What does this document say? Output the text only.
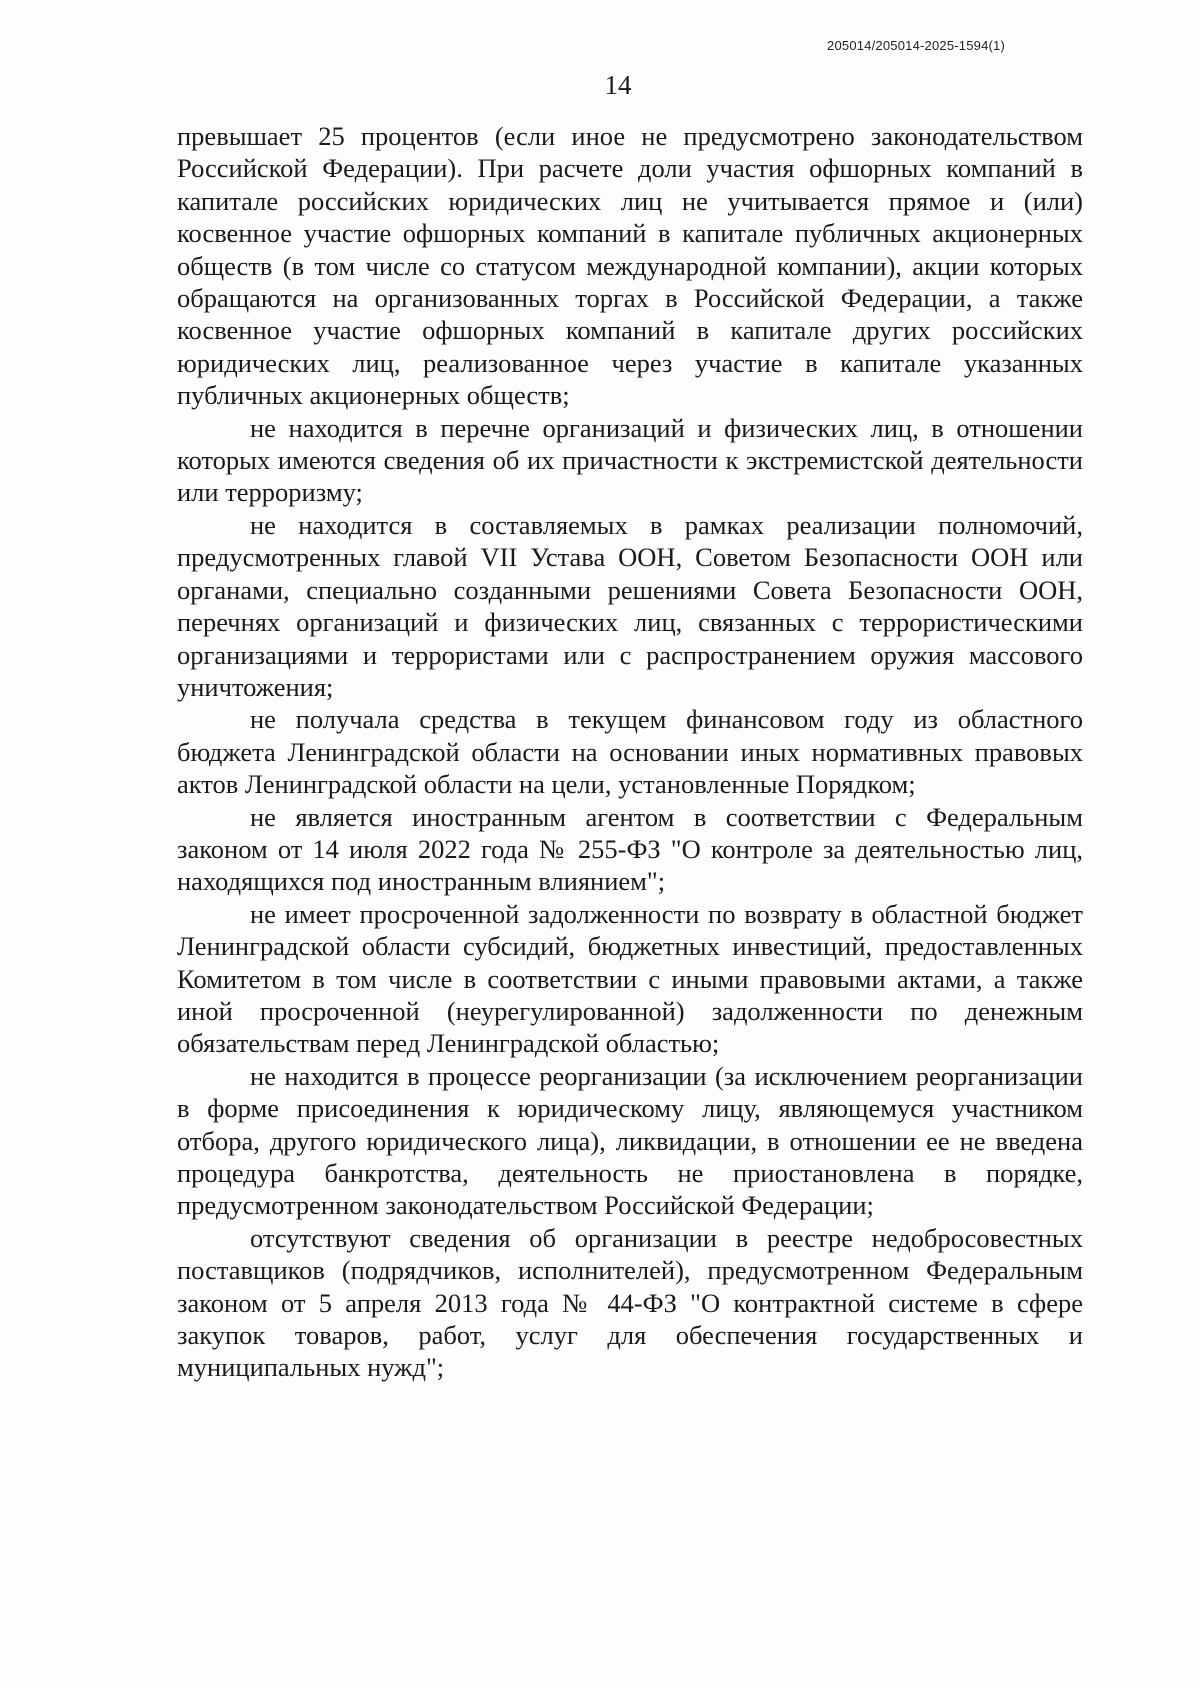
205014/205014-2025-1594(1)
14

превышает 25 процентов (если иное не предусмотрено законодательством Российской Федерации). При расчете доли участия офшорных компаний в капитале российских юридических лиц не учитывается прямое и (или) косвенное участие офшорных компаний в капитале публичных акционерных обществ (в том числе со статусом международной компании), акции которых обращаются на организованных торгах в Российской Федерации, а также косвенное участие офшорных компаний в капитале других российских юридических лиц, реализованное через участие в капитале указанных публичных акционерных обществ;

не находится в перечне организаций и физических лиц, в отношении которых имеются сведения об их причастности к экстремистской деятельности или терроризму;

не находится в составляемых в рамках реализации полномочий, предусмотренных главой VII Устава ООН, Советом Безопасности ООН или органами, специально созданными решениями Совета Безопасности ООН, перечнях организаций и физических лиц, связанных с террористическими организациями и террористами или с распространением оружия массового уничтожения;

не получала средства в текущем финансовом году из областного бюджета Ленинградской области на основании иных нормативных правовых актов Ленинградской области на цели, установленные Порядком;

не является иностранным агентом в соответствии с Федеральным законом от 14 июля 2022 года № 255-ФЗ "О контроле за деятельностью лиц, находящихся под иностранным влиянием";

не имеет просроченной задолженности по возврату в областной бюджет Ленинградской области субсидий, бюджетных инвестиций, предоставленных Комитетом в том числе в соответствии с иными правовыми актами, а также иной просроченной (неурегулированной) задолженности по денежным обязательствам перед Ленинградской областью;

не находится в процессе реорганизации (за исключением реорганизации в форме присоединения к юридическому лицу, являющемуся участником отбора, другого юридического лица), ликвидации, в отношении ее не введена процедура банкротства, деятельность не приостановлена в порядке, предусмотренном законодательством Российской Федерации;

отсутствуют сведения об организации в реестре недобросовестных поставщиков (подрядчиков, исполнителей), предусмотренном Федеральным законом от 5 апреля 2013 года № 44-ФЗ "О контрактной системе в сфере закупок товаров, работ, услуг для обеспечения государственных и муниципальных нужд";
